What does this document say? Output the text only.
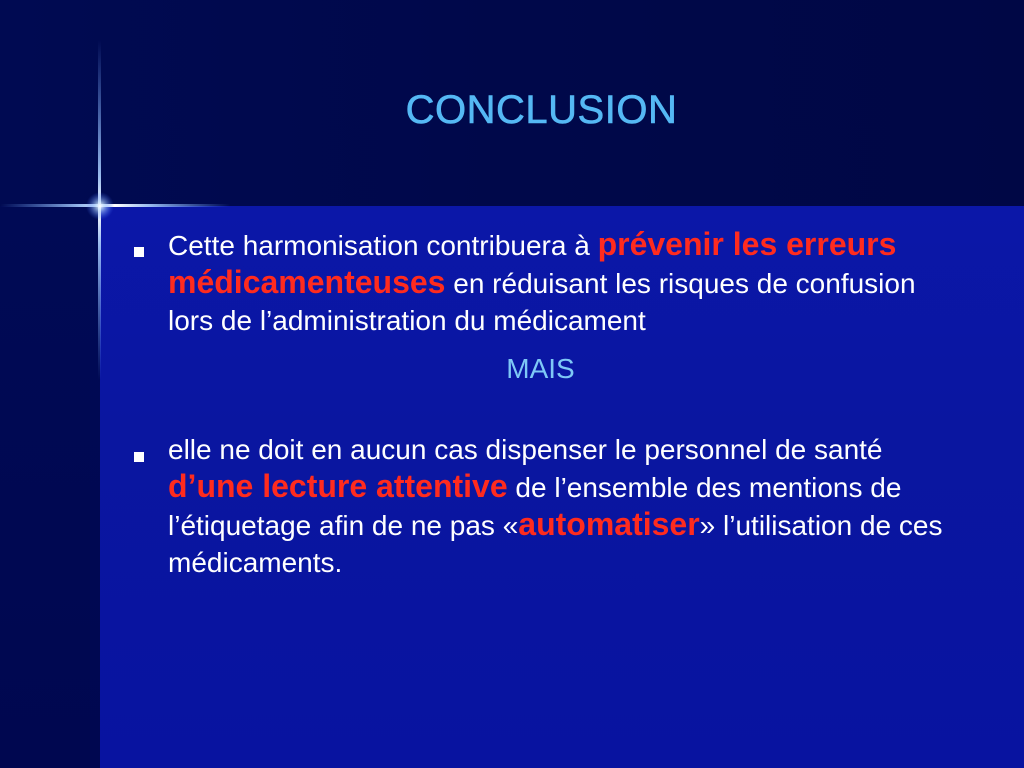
CONCLUSION
Cette harmonisation contribuera à prévenir les erreurs médicamenteuses en réduisant les risques de confusion lors de l’administration du médicament
MAIS
elle ne doit en aucun cas dispenser le personnel de santé d’une lecture attentive de l’ensemble des mentions de l’étiquetage afin de ne pas «automatiser» l’utilisation de ces médicaments.
